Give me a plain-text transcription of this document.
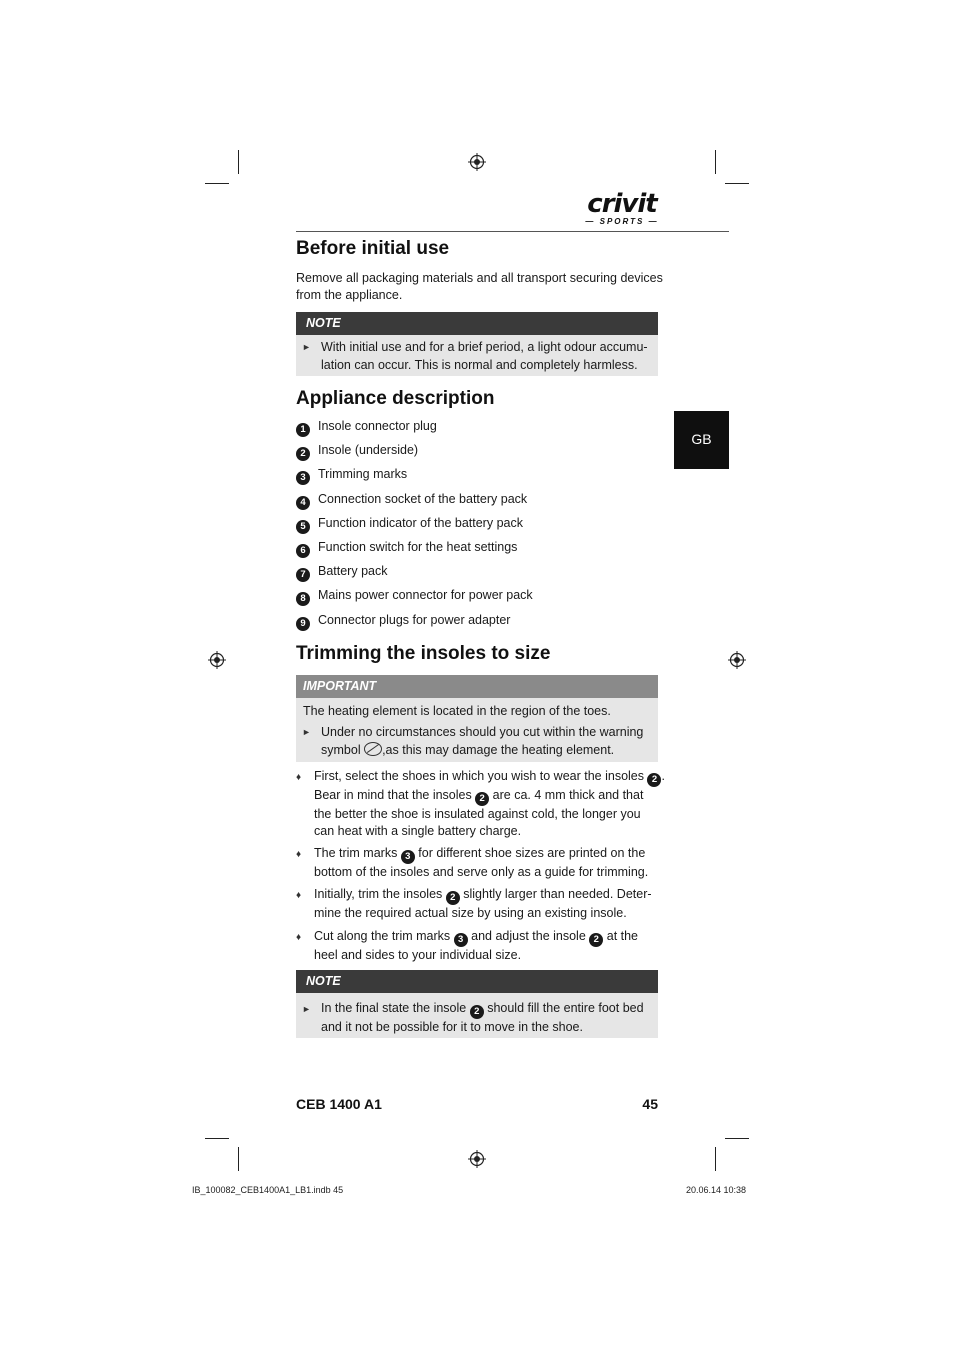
crivit
— SPORTS —
GB
Before initial use
Remove all packaging materials and all transport securing devices
from the appliance.
NOTE
► With initial use and for a brief period, a light odour accumu-
lation can occur. This is normal and completely harmless.
Appliance description
1 Insole connector plug
2 Insole (underside)
3 Trimming marks
4 Connection socket of the battery pack
5 Function indicator of the battery pack
6 Function switch for the heat settings
7 Battery pack
8 Mains power connector for power pack
9 Connector plugs for power adapter
Trimming the insoles to size
IMPORTANT
The heating element is located in the region of the toes.
► Under no circumstances should you cut within the warning
symbol ,as this may damage the heating element.
♦ First, select the shoes in which you wish to wear the insoles 2 .
Bear in mind that the insoles 2 are ca. 4 mm thick and that
the better the shoe is insulated against cold, the longer you
can heat with a single battery charge.
♦ The trim marks 3 for different shoe sizes are printed on the
bottom of the insoles and serve only as a guide for trimming.
♦ Initially, trim the insoles 2 slightly larger than needed. Deter-
mine the required actual size by using an existing insole.
♦ Cut along the trim marks 3 and adjust the insole 2 at the
heel and sides to your individual size.
NOTE
► In the final state the insole 2 should fill the entire foot bed
and it not be possible for it to move in the shoe.
CEB 1400 A1	45
IB_100082_CEB1400A1_LB1.indb 45	20.06.14 10:38
